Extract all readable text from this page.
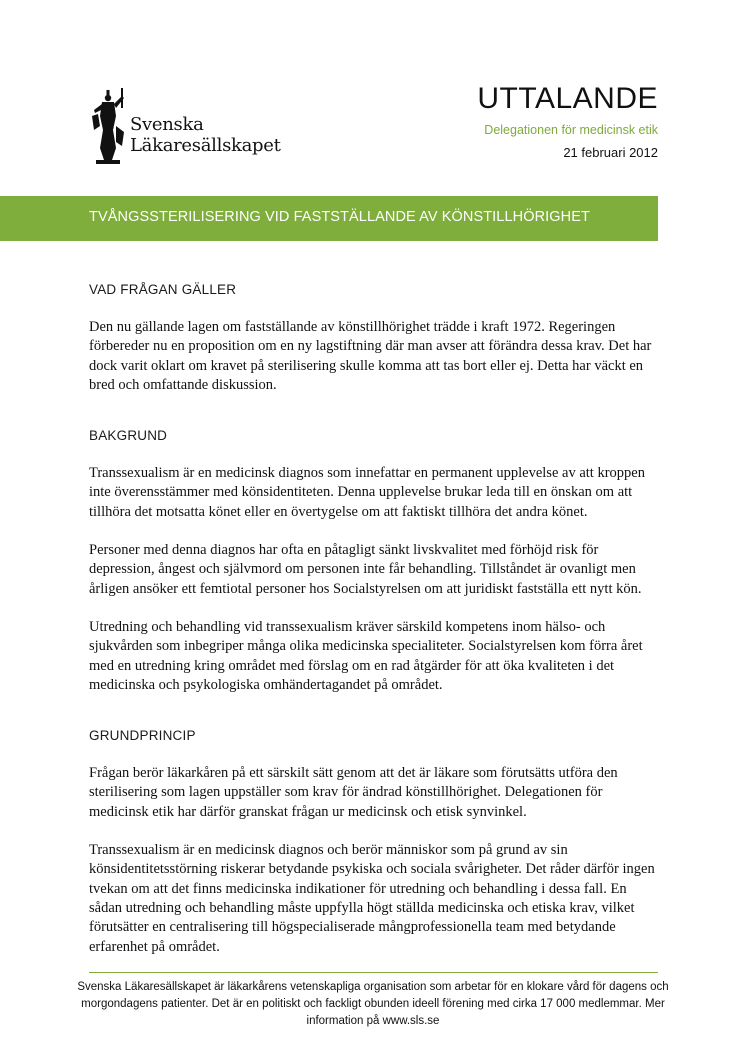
Svenska
Läkaresällskapet
UTTALANDE
Delegationen för medicinsk etik
21 februari 2012
TVÅNGSSTERILISERING VID FASTSTÄLLANDE AV KÖNSTILLHÖRIGHET
VAD FRÅGAN GÄLLER

Den nu gällande lagen om fastställande av könstillhörighet trädde i kraft 1972. Regeringen förbereder nu en proposition om en ny lagstiftning där man avser att förändra dessa krav. Det har dock varit oklart om kravet på sterilisering skulle komma att tas bort eller ej. Detta har väckt en bred och omfattande diskussion.

BAKGRUND

Transsexualism är en medicinsk diagnos som innefattar en permanent upplevelse av att kroppen inte överensstämmer med könsidentiteten. Denna upplevelse brukar leda till en önskan om att tillhöra det motsatta könet eller en övertygelse om att faktiskt tillhöra det andra könet.

Personer med denna diagnos har ofta en påtagligt sänkt livskvalitet med förhöjd risk för depression, ångest och självmord om personen inte får behandling. Tillståndet är ovanligt men årligen ansöker ett femtiotal personer hos Socialstyrelsen om att juridiskt fastställa ett nytt kön.

Utredning och behandling vid transsexualism kräver särskild kompetens inom hälso- och sjukvården som inbegriper många olika medicinska specialiteter. Socialstyrelsen kom förra året med en utredning kring området med förslag om en rad åtgärder för att öka kvaliteten i det medicinska och psykologiska omhändertagandet på området.

GRUNDPRINCIP

Frågan berör läkarkåren på ett särskilt sätt genom att det är läkare som förutsätts utföra den sterilisering som lagen uppställer som krav för ändrad könstillhörighet. Delegationen för medicinsk etik har därför granskat frågan ur medicinsk och etisk synvinkel.

Transsexualism är en medicinsk diagnos och berör människor som på grund av sin könsidentitetsstörning riskerar betydande psykiska och sociala svårigheter. Det råder därför ingen tvekan om att det finns medicinska indikationer för utredning och behandling i dessa fall. En sådan utredning och behandling måste uppfylla högt ställda medicinska och etiska krav, vilket förutsätter en centralisering till högspecialiserade mångprofessionella team med betydande erfarenhet på området.

Svenska Läkaresällskapet är läkarkårens vetenskapliga organisation som arbetar för en klokare vård för dagens och morgondagens patienter. Det är en politiskt och fackligt obunden ideell förening med cirka 17 000 medlemmar. Mer information på www.sls.se
